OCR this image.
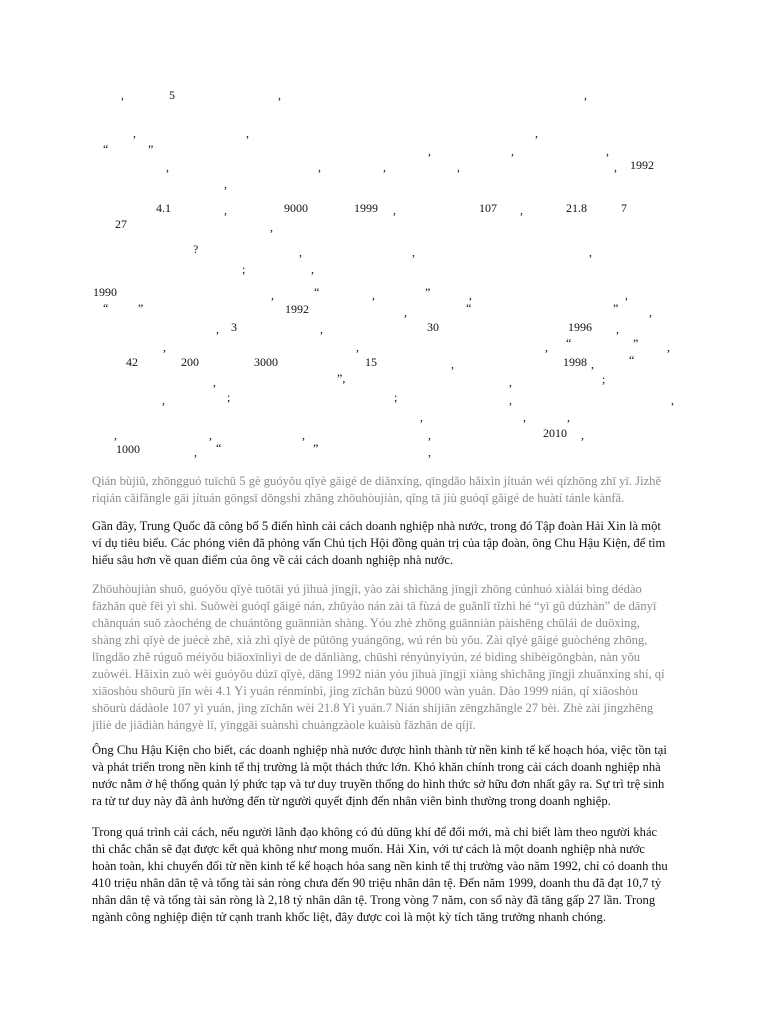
,	5	,	,
,	,	,
“	”	,	,	,
,	,	,	,	, 1992
,
4.1	,	9000	1999 ,	107 ,	21.8	7
27	,
?	,	,	,
;	,
1990	,	“	,	”	,	,
“ ”	1992	,	“	”	,
, 3	,	30	1996 ,
,	,	, “	” ,
42	200	3000	15	,	1998 ,	“
,	”,	,	;
,	;	;	,	,
,	,	,
,	,	,	,	2010 ,
1000	, “	”	,

Qián bùjiǔ, zhōngguó tuīchū 5 gè guóyǒu qǐyè gǎigé de diǎnxíng, qīngdǎo hǎixìn jítuán wéi qízhōng zhī yī. Jìzhě rìqián cǎifǎngle gāi jítuán gōngsī dǒngshì zhǎng zhōuhòujiàn, qǐng tā jiù guóqǐ gǎigé de huàtí tánle kànfǎ.

Gần đây, Trung Quốc đã công bố 5 điển hình cải cách doanh nghiệp nhà nước, trong đó Tập đoàn Hải Xin là một ví dụ tiêu biểu. Các phóng viên đã phỏng vấn Chủ tịch Hội đồng quản trị của tập đoàn, ông Chu Hậu Kiện, để tìm hiểu sâu hơn về quan điểm của ông về cải cách doanh nghiệp nhà nước.

Zhōuhòujiàn shuō, guóyǒu qǐyè tuōtāi yú jìhuà jīngjì, yào zài shìchǎng jīngjì zhōng cúnhuó xiàlái bìng dédào fāzhǎn què fēi yì shì. Suǒwèi guóqǐ gǎigé nán, zhǔyào nán zài tā fùzá de guǎnlǐ tǐzhì hé “yī gǔ dúzhàn” de dānyī chǎnquán suǒ zàochéng de chuántǒng guānniàn shàng. Yóu zhè zhǒng guānniàn pàishēng chūlái de duōxìng, shàng zhì qǐyè de juécè zhě, xià zhì qǐyè de pǔtōng yuángōng, wú rén bù yǒu. Zài qǐyè gǎigé guòchéng zhōng, lǐngdǎo zhě rúguǒ méiyǒu biāoxīnlìyì de de dǎnliàng, chūshì rényúnyìyún, zé bìdìng shìbèigōngbàn, nàn yǒu zuòwéi. Hǎixìn zuò wèi guóyǒu dúzī qǐyè, dāng 1992 nián yóu jìhuà jīngjì xiàng shìchǎng jīngjì zhuǎnxíng shí, qí xiāoshòu shōurù jǐn wèi 4.1 Yì yuán rénmínbì, jìng zīchǎn bùzú 9000 wàn yuán. Dào 1999 nián, qí xiāoshòu shōurù dádàole 107 yì yuán, jìng zīchǎn wèi 21.8 Yì yuán.7 Nián shíjiān zēngzhǎngle 27 bèi. Zhè zài jìngzhēng jīliè de jiādiàn hángyè lǐ, yīnggāi suànshì chuàngzàole kuàisù fāzhǎn de qíjī.

Ông Chu Hậu Kiện cho biết, các doanh nghiệp nhà nước được hình thành từ nền kinh tế kế hoạch hóa, việc tồn tại và phát triển trong nền kinh tế thị trường là một thách thức lớn. Khó khăn chính trong cải cách doanh nghiệp nhà nước nằm ở hệ thống quản lý phức tạp và tư duy truyền thống do hình thức sở hữu đơn nhất gây ra. Sự trì trệ sinh ra từ tư duy này đã ảnh hưởng đến từ người quyết định đến nhân viên bình thường trong doanh nghiệp.

Trong quá trình cải cách, nếu người lãnh đạo không có đủ dũng khí để đổi mới, mà chỉ biết làm theo người khác thì chắc chắn sẽ đạt được kết quả không như mong muốn. Hải Xin, với tư cách là một doanh nghiệp nhà nước hoàn toàn, khi chuyển đổi từ nền kinh tế kế hoạch hóa sang nền kinh tế thị trường vào năm 1992, chỉ có doanh thu 410 triệu nhân dân tệ và tổng tài sản ròng chưa đến 90 triệu nhân dân tệ. Đến năm 1999, doanh thu đã đạt 10,7 tỷ nhân dân tệ và tổng tài sản ròng là 2,18 tỷ nhân dân tệ. Trong vòng 7 năm, con số này đã tăng gấp 27 lần. Trong ngành công nghiệp điện tử cạnh tranh khốc liệt, đây được coi là một kỳ tích tăng trưởng nhanh chóng.
